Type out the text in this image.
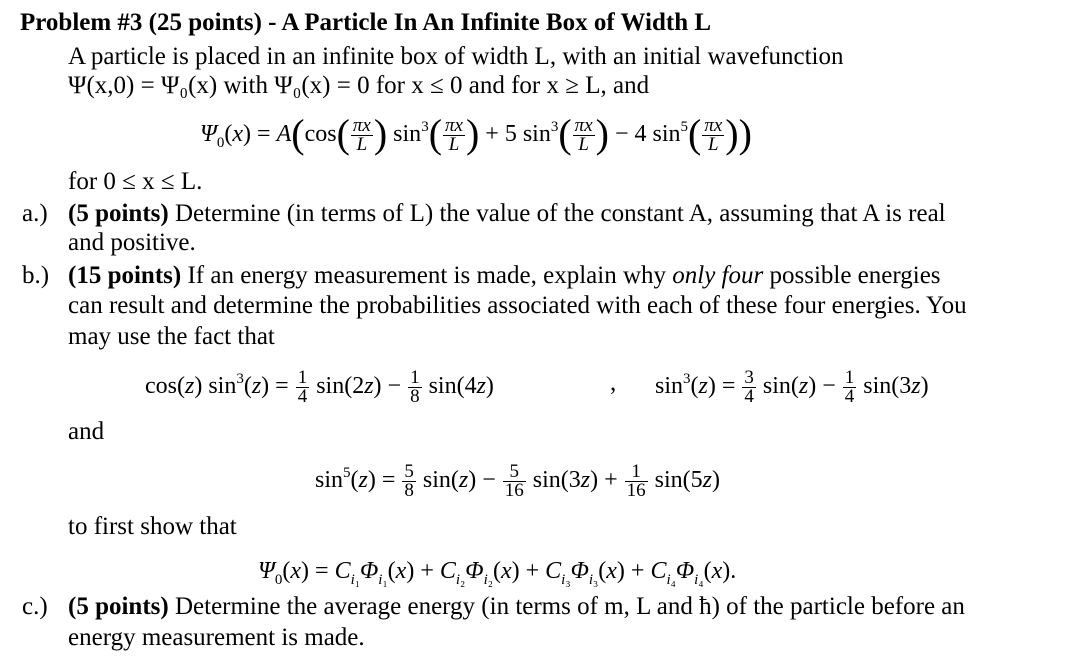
Problem #3 (25 points) - A Particle In An Infinite Box of Width L
A particle is placed in an infinite box of width L, with an initial wavefunction
Ψ(x,0) = Ψ₀(x) with Ψ₀(x) = 0 for x ≤ 0 and for x ≥ L, and
$\Psi_0(x) = A(\cos( \frac{\pi x}{L}$ ) $\sin^3( \frac{\pi x}{L}$ ) + 5 $\sin^3( \frac{\pi x}{L}$ ) − 4 $\sin^5( \frac{\pi x}{L}$ ))
for 0 ≤ x ≤ L.
a.) (5 points) Determine (in terms of L) the value of the constant A, assuming that A is real
and positive.
b.) (15 points) If an energy measurement is made, explain why only four possible energies
can result and determine the probabilities associated with each of these four energies. You
may use the fact that
cos(z) $\sin^3(z) = \frac{1}{4} \sin(2z) - \frac{1}{8} \sin(4z)$	, $\sin^3(z) = \frac{3}{4} \sin(z) - \frac{1}{4} \sin(3z)$
and
$\sin^5(z) = \frac{5}{8} \sin(z) - \frac{5}{16} \sin(3z) + \frac{1}{16} \sin(5z)$
to first show that
$\Psi_0(x) = C_{i_1}\Phi_{i_1}(x) + C_{i_2}\Phi_{i_2}(x) + C_{i_3}\Phi_{i_3}(x) + C_{i_4}\Phi_{i_4}(x)$.
c.) (5 points) Determine the average energy (in terms of m, L and ħ) of the particle before an
energy measurement is made.
